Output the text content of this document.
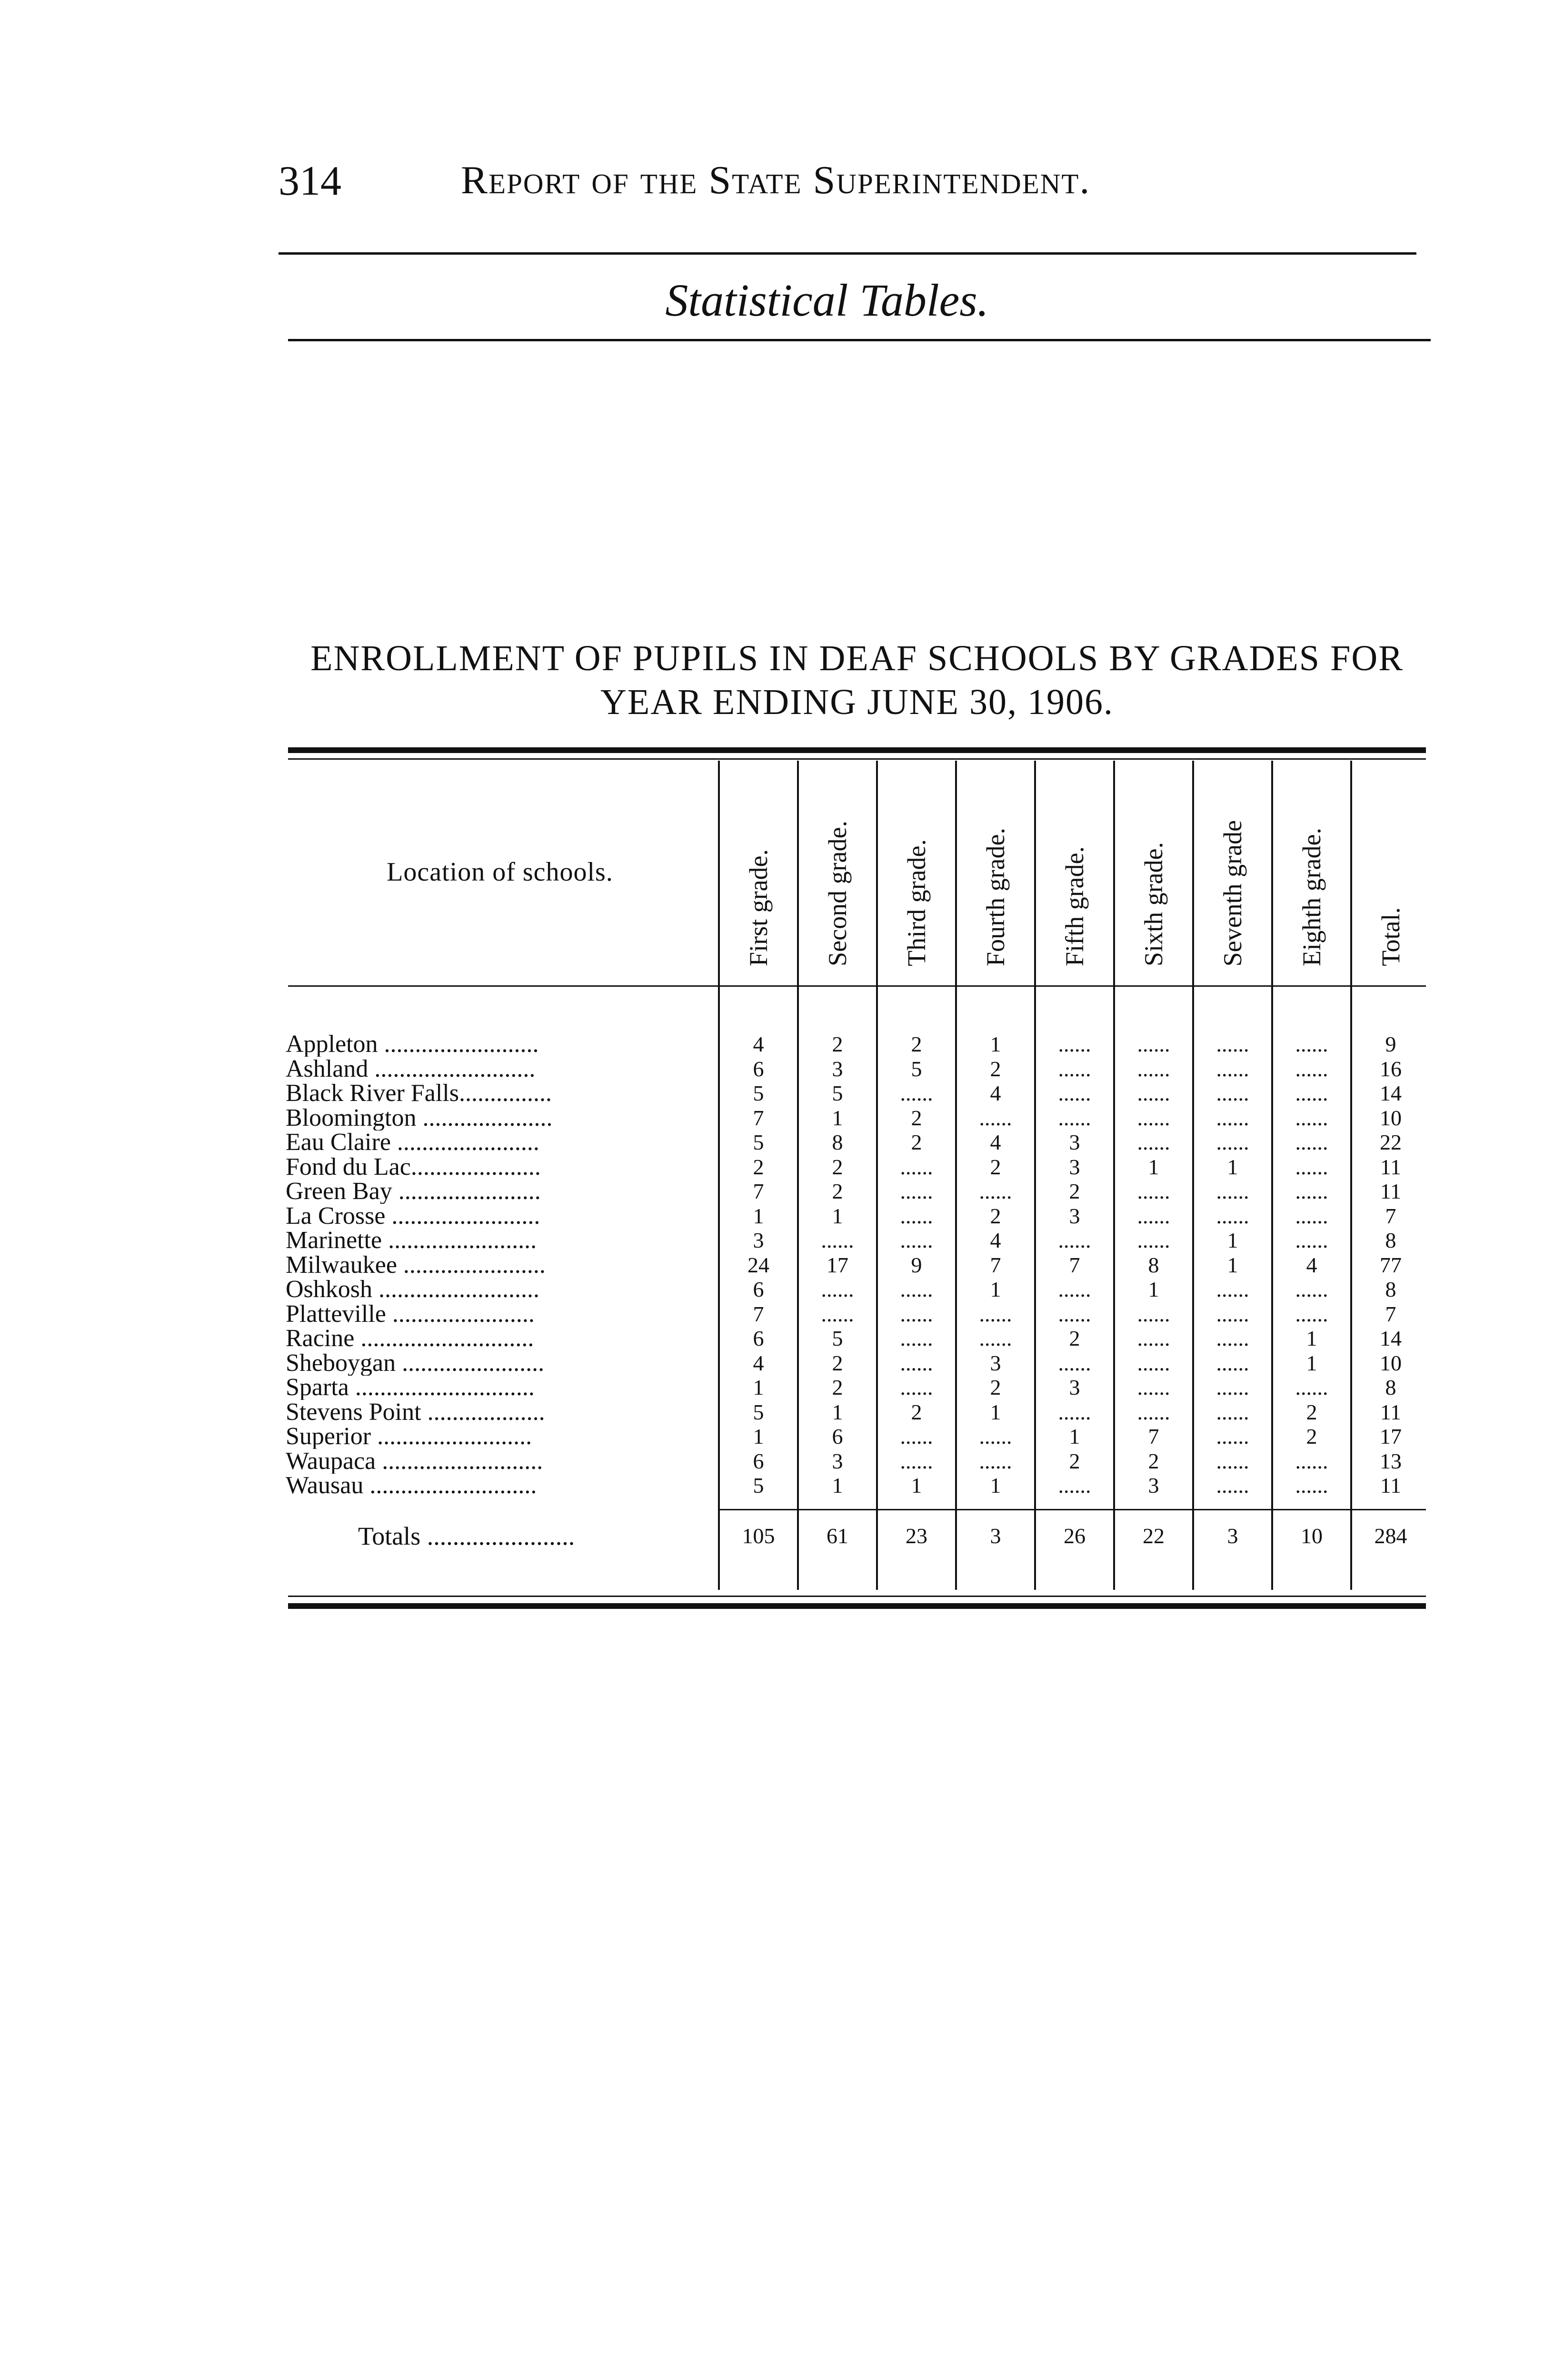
314	Report of the State Superintendent.
Statistical Tables.
ENROLLMENT OF PUPILS IN DEAF SCHOOLS BY GRADES FOR
YEAR ENDING JUNE 30, 1906.
Location of schools.	First grade. Second grade. Third grade. Fourth grade. Fifth grade. Sixth grade. Seventh grade Eighth grade. Total.
Appleton .........................	4	2	2	1	......	......	......	......	9
Ashland ..........................	6	3	5	2	......	......	......	......	16
Black River Falls...............	5	5	......	4	......	......	......	......	14
Bloomington .....................	7	1	2	......	......	......	......	......	10
Eau Claire .......................	5	8	2	4	3	......	......	......	22
Fond du Lac.....................	2	2	......	2	3	1	1	......	11
Green Bay .......................	7	2	......	......	2	......	......	......	11
La Crosse ........................	1	1	......	2	3	......	......	......	7
Marinette ........................	3	......	......	4	......	......	1	......	8
Milwaukee .......................	24	17	9	7	7	8	1	4	77
Oshkosh ..........................	6	......	......	1	......	1	......	......	8
Platteville .......................	7	......	......	......	......	......	......	......	7
Racine ............................	6	5	......	......	2	......	......	1	14
Sheboygan .......................	4	2	......	3	......	......	......	1	10
Sparta .............................	1	2	......	2	3	......	......	......	8
Stevens Point ...................	5	1	2	1	......	......	......	2	11
Superior .........................	1	6	......	......	1	7	......	2	17
Waupaca ..........................	6	3	......	......	2	2	......	......	13
Wausau ...........................	5	1	1	1	......	3	......	......	11
Totals .......................	105	61	23	3	26	22	3	10	284
